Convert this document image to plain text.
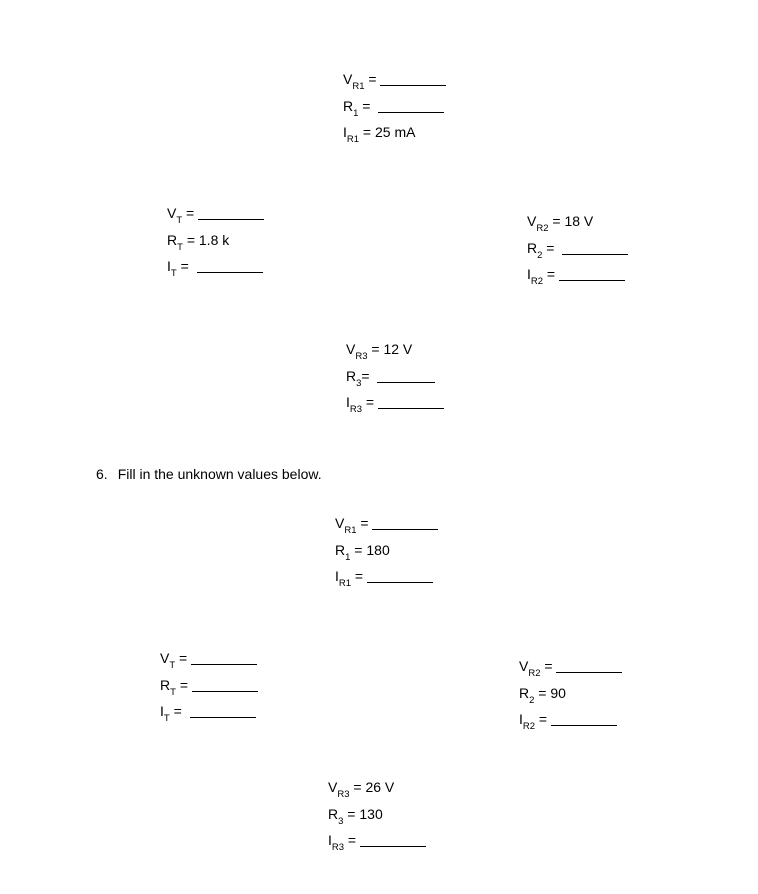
$V_{R1}$ =
$R_1$ =
$I_{R1} = 25$ mA
$V_T$ =
$R_T = 1.8$ k
$I_T$ =
$V_{R2} = 18$ V
$R_2$ =
$I_{R2}$ =
$V_{R3} = 12$ V
$R_3=$
$I_{R3}$ =
6. Fill in the unknown values below.
$V_{R1}$ =
$R_1 = 180$
$I_{R1}$ =
$V_T$ =
$R_T$ =
$I_T$ =
$V_{R2}$ =
$R_2 = 90$
$I_{R2}$ =
$V_{R3} = 26$ V
$R_3 = 130$
$I_{R3}$ =
